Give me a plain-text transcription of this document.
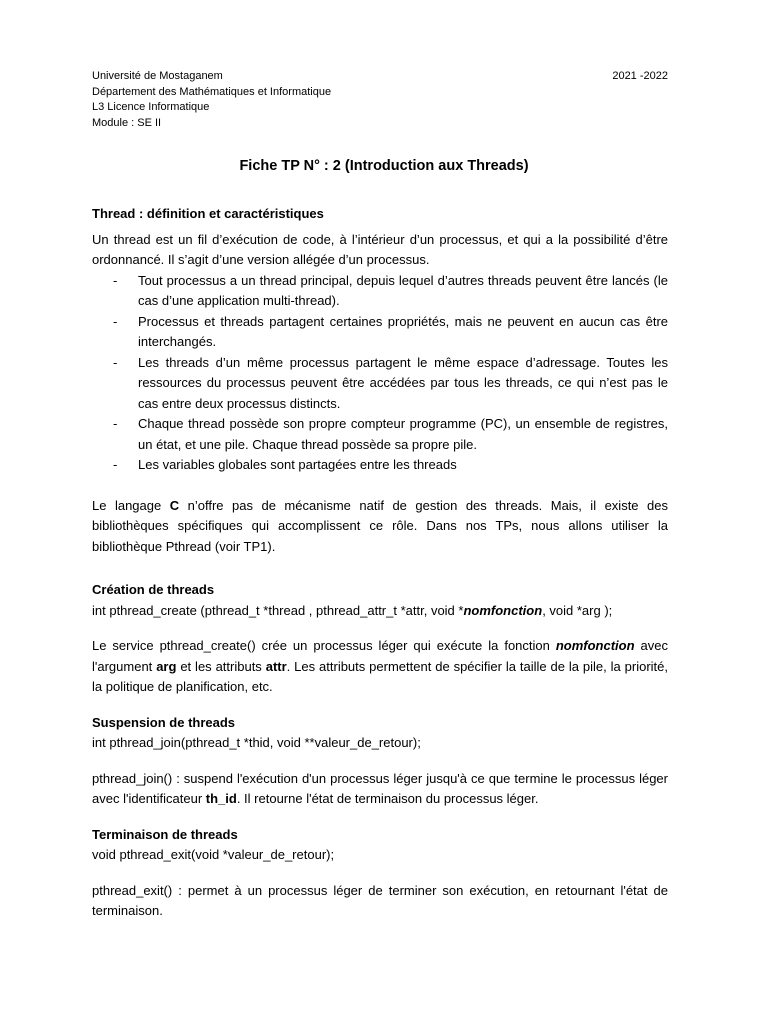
Université de Mostaganem
Département des Mathématiques et Informatique
L3 Licence Informatique
Module : SE II
2021 -2022
Fiche TP N° : 2 (Introduction aux Threads)
Thread : définition et caractéristiques
Un thread est un fil d’exécution de code, à l’intérieur d’un processus, et qui a la possibilité d’être ordonnancé. Il s’agit d’une version allégée d’un processus.
- Tout processus a un thread principal, depuis lequel d’autres threads peuvent être lancés (le cas d’une application multi-thread).
- Processus et threads partagent certaines propriétés, mais ne peuvent en aucun cas être interchangés.
- Les threads d’un même processus partagent le même espace d’adressage. Toutes les ressources du processus peuvent être accédées par tous les threads, ce qui n’est pas le cas entre deux processus distincts.
- Chaque thread possède son propre compteur programme (PC), un ensemble de registres, un état, et une pile. Chaque thread possède sa propre pile.
- Les variables globales sont partagées entre les threads
Le langage C n’offre pas de mécanisme natif de gestion des threads. Mais, il existe des bibliothèques spécifiques qui accomplissent ce rôle. Dans nos TPs, nous allons utiliser la bibliothèque Pthread (voir TP1).
Création de threads
int pthread_create (pthread_t *thread , pthread_attr_t *attr, void *nomfonction, void *arg );
Le service pthread_create() crée un processus léger qui exécute la fonction nomfonction avec l'argument arg et les attributs attr. Les attributs permettent de spécifier la taille de la pile, la priorité, la politique de planification, etc.
Suspension de threads
int pthread_join(pthread_t *thid, void **valeur_de_retour);
pthread_join() : suspend l'exécution d'un processus léger jusqu'à ce que termine le processus léger avec l'identificateur th_id. Il retourne l'état de terminaison du processus léger.
Terminaison de threads
void pthread_exit(void *valeur_de_retour);
pthread_exit() : permet à un processus léger de terminer son exécution, en retournant l'état de terminaison.
